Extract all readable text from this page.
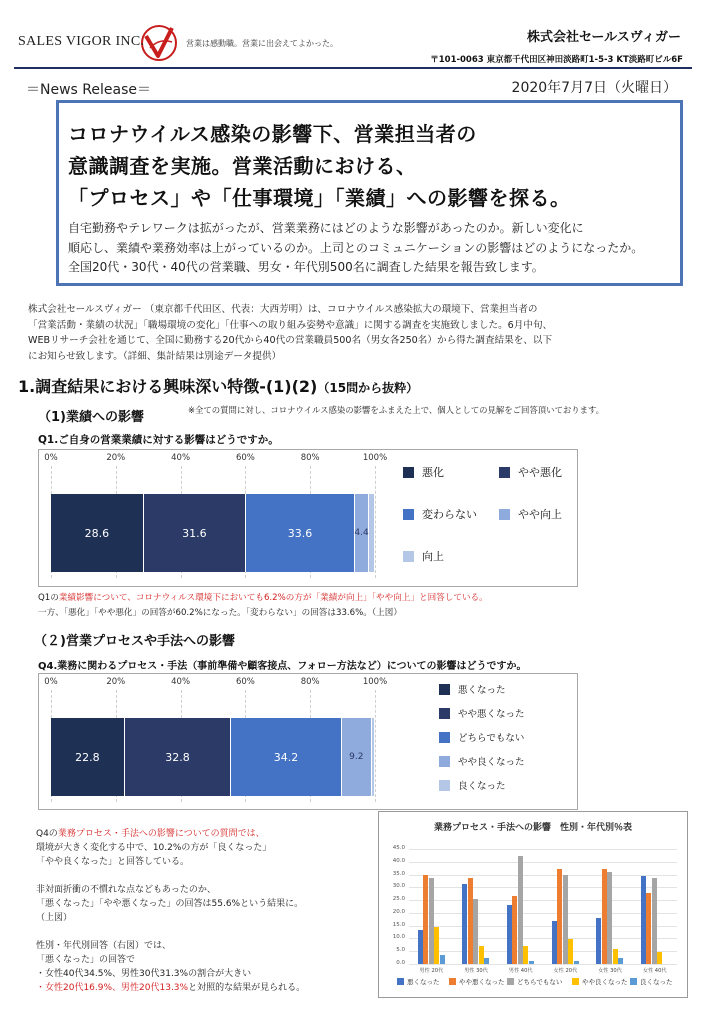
SALES VIGOR INC.	営業は感動職。営業に出会えてよかった。	株式会社セールスヴィガー
〒101-0063 東京都千代田区神田淡路町1-5-3 KT淡路町ビル6F
＝News Release＝	2020年7月7日（火曜日）
コロナウイルス感染の影響下、営業担当者の
意識調査を実施。営業活動における、
「プロセス」や「仕事環境」「業績」への影響を探る。
自宅勤務やテレワークは拡がったが、営業業務にはどのような影響があったのか。新しい変化に
順応し、業績や業務効率は上がっているのか。上司とのコミュニケーションの影響はどのようになったか。
全国20代・30代・40代の営業職、男女・年代別500名に調査した結果を報告致します。
株式会社セールスヴィガー （東京都千代田区、代表：大西芳明）は、コロナウイルス感染拡大の環境下、営業担当者の
「営業活動・業績の状況」「職場環境の変化」「仕事への取り組み姿勢や意識」に関する調査を実施致しました。6月中旬、
WEBリサーチ会社を通じて、全国に勤務する20代から40代の営業職員500名（男女各250名）から得た調査結果を、以下
にお知らせ致します。（詳細、集計結果は別途データ提供）
1.調査結果における興味深い特徴-(1)(2)（15問から抜粋）
（1)業績への影響	※全ての質問に対し、コロナウイルス感染の影響をふまえた上で、個人としての見解をご回答頂いております。
Q1.ご自身の営業業績に対する影響はどうですか。
0%	20%	40%	60%	80%	100%
28.6	31.6	33.6	4.4
悪化	やや悪化
変わらない	やや向上
向上
Q1の業績影響について、コロナウィルス環境下においても6.2%の方が「業績が向上」「やや向上」と回答している。
一方、「悪化」「やや悪化」の回答が60.2%になった。「変わらない」の回答は33.6%。（上図）
（２)営業プロセスや手法への影響
Q4.業務に関わるプロセス・手法（事前準備や顧客接点、フォロー方法など）についての影響はどうですか。
0%	20%	40%	60%	80%	100%
22.8	32.8	34.2	9.2
悪くなった
やや悪くなった
どちらでもない
やや良くなった
良くなった
Q4の業務プロセス・手法への影響についての質問では、
環境が大きく変化する中で、10.2%の方が「良くなった」
「やや良くなった」と回答している。
非対面折衝の不慣れな点などもあったのか、
「悪くなった」「やや悪くなった」の回答は55.6%という結果に。
（上図）
性別・年代別回答（右図）では、
「悪くなった」の回答で
・女性40代34.5%、男性30代31.3%の割合が大きい
・女性20代16.9%、男性20代13.3%と対照的な結果が見られる。
0.0
5.0
10.0
15.0
20.0
25.0
30.0
35.0
40.0
45.0
男性 20代	男性 30代	男性 40代	女性 20代	女性 30代	女性 40代
悪くなった	やや悪くなった どちらでもない	やや良くなった 良くなった
業務プロセス・手法への影響　性別・年代別％表
